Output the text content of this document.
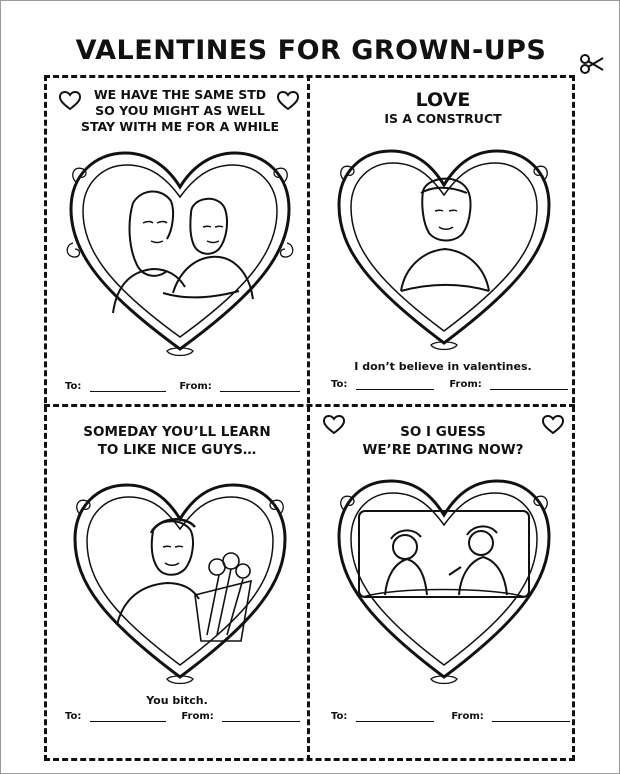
VALENTINES FOR GROWN-UPS
WE HAVE THE SAME STD
SO YOU MIGHT AS WELL
STAY WITH ME FOR A WHILE
To:	From:
LOVE
IS A CONSTRUCT
I don’t believe in valentines.
To:	From:
SOMEDAY YOU’LL LEARN
TO LIKE NICE GUYS…
You bitch.
To:	From:
SO I GUESS
WE’RE DATING NOW?
To:	From:
